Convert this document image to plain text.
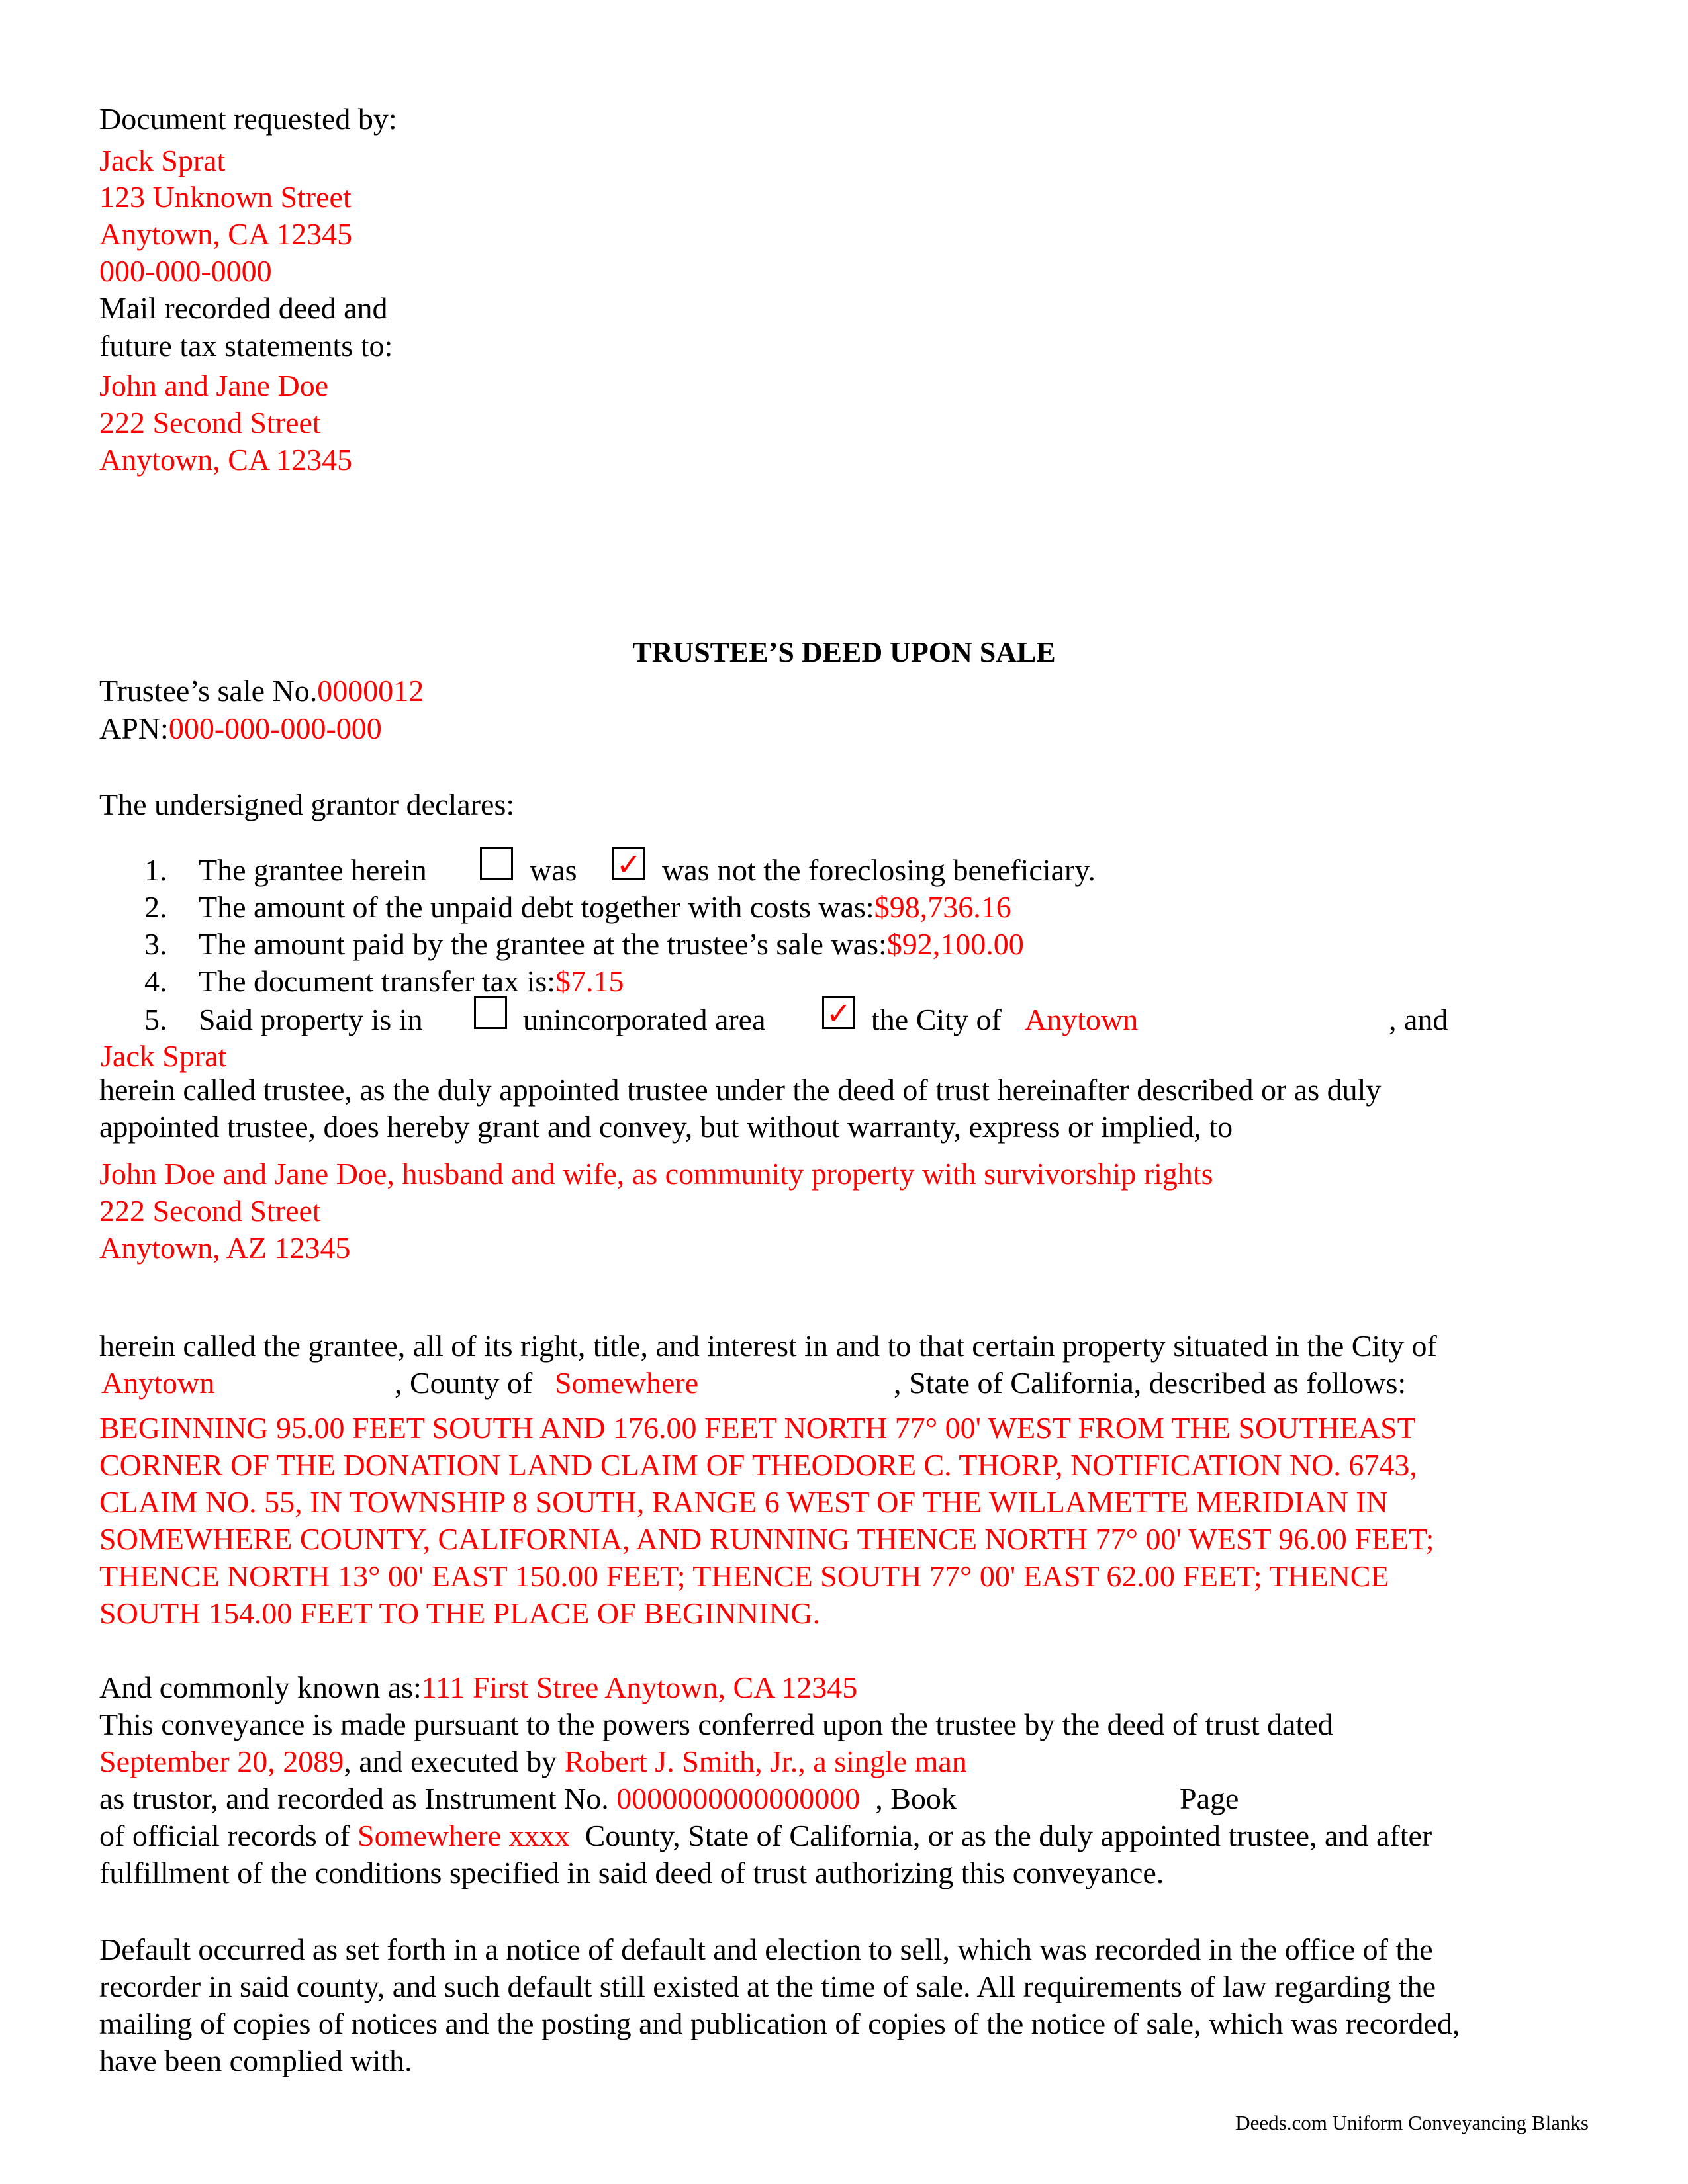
Document requested by:
Jack Sprat
123 Unknown Street
Anytown, CA 12345
000-000-0000
Mail recorded deed and
future tax statements to:
John and Jane Doe
222 Second Street
Anytown, CA 12345
TRUSTEE’S DEED UPON SALE
Trustee’s sale No.0000012
APN:000-000-000-000
The undersigned grantor declares:
1. The grantee herein	was ✓ was not the foreclosing beneficiary.
2. The amount of the unpaid debt together with costs was:$98,736.16
3. The amount paid by the grantee at the trustee’s sale was:$92,100.00
4. The document transfer tax is:$7.15
5. Said property is in	unincorporated area ✓ the City of Anytown	, and
Jack Sprat
herein called trustee, as the duly appointed trustee under the deed of trust hereinafter described or as duly
appointed trustee, does hereby grant and convey, but without warranty, express or implied, to
John Doe and Jane Doe, husband and wife, as community property with survivorship rights
222 Second Street
Anytown, AZ 12345
herein called the grantee, all of its right, title, and interest in and to that certain property situated in the City of
Anytown	, County of Somewhere	, State of California, described as follows:
BEGINNING 95.00 FEET SOUTH AND 176.00 FEET NORTH 77° 00' WEST FROM THE SOUTHEAST
CORNER OF THE DONATION LAND CLAIM OF THEODORE C. THORP, NOTIFICATION NO. 6743,
CLAIM NO. 55, IN TOWNSHIP 8 SOUTH, RANGE 6 WEST OF THE WILLAMETTE MERIDIAN IN
SOMEWHERE COUNTY, CALIFORNIA, AND RUNNING THENCE NORTH 77° 00' WEST 96.00 FEET;
THENCE NORTH 13° 00' EAST 150.00 FEET; THENCE SOUTH 77° 00' EAST 62.00 FEET; THENCE
SOUTH 154.00 FEET TO THE PLACE OF BEGINNING.
And commonly known as:111 First Stree Anytown, CA 12345
This conveyance is made pursuant to the powers conferred upon the trustee by the deed of trust dated
September 20, 2089, and executed by Robert J. Smith, Jr., a single man
as trustor, and recorded as Instrument No. 0000000000000000 , Book	Page
of official records of Somewhere xxxx County, State of California, or as the duly appointed trustee, and after
fulfillment of the conditions specified in said deed of trust authorizing this conveyance.
Default occurred as set forth in a notice of default and election to sell, which was recorded in the office of the
recorder in said county, and such default still existed at the time of sale. All requirements of law regarding the
mailing of copies of notices and the posting and publication of copies of the notice of sale, which was recorded,
have been complied with.
Deeds.com Uniform Conveyancing Blanks
